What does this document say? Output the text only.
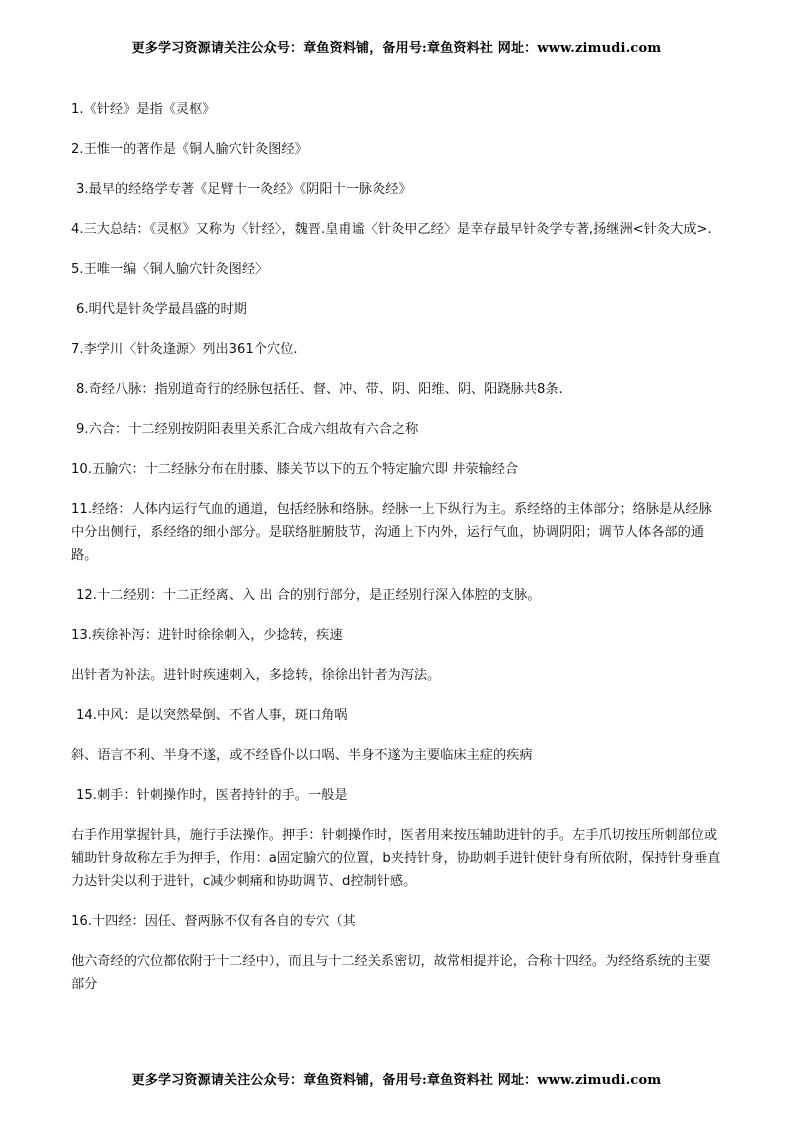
更多学习资源请关注公众号：章鱼资料铺，备用号:章鱼资料社 网址：www.zimudi.com

1.《针经》是指《灵枢》

2.王惟一的著作是《铜人腧穴针灸图经》

3.最早的经络学专著《足臂十一灸经》《阴阳十一脉灸经》

4.三大总结：《灵枢》又称为〈针经〉，魏晋.皇甫谧〈针灸甲乙经〉是幸存最早针灸学专著,扬继洲<针灸大成>.

5.王唯一编〈铜人腧穴针灸图经〉

6.明代是针灸学最昌盛的时期

7.李学川〈针灸逢源〉列出361个穴位.

8.奇经八脉：指别道奇行的经脉包括任、督、冲、带、阴、阳维、阴、阳跷脉共8条.

9.六合：十二经别按阴阳表里关系汇合成六组故有六合之称

10.五腧穴：十二经脉分布在肘膝、膝关节以下的五个特定腧穴即 井荥输经合

11.经络：人体内运行气血的通道，包括经脉和络脉。经脉一上下纵行为主。系经络的主体部分；络脉是从经脉中分出侧行，系经络的细小部分。是联络脏腑肢节，沟通上下内外，运行气血，协调阴阳；调节人体各部的通路。

12.十二经别：十二正经离、入 出 合的别行部分，是正经别行深入体腔的支脉。

13.疾徐补泻：进针时徐徐刺入，少捻转，疾速

出针者为补法。进针时疾速刺入，多捻转，徐徐出针者为泻法。

14.中风：是以突然晕倒、不省人事，斑口角㖞

斜、语言不利、半身不遂，或不经昏仆以口㖞、半身不遂为主要临床主症的疾病

15.刺手：针刺操作时，医者持针的手。一般是

右手作用掌握针具，施行手法操作。押手：针刺操作时，医者用来按压辅助进针的手。左手爪切按压所刺部位或辅助针身故称左手为押手，作用：a固定腧穴的位置，b夹持针身，协助刺手进针使针身有所依附，保持针身垂直力达针尖以利于进针，c减少刺痛和协助调节、d控制针感。

16.十四经：因任、督两脉不仅有各自的专穴（其

他六奇经的穴位都依附于十二经中），而且与十二经关系密切，故常相提并论，合称十四经。为经络系统的主要部分

更多学习资源请关注公众号：章鱼资料铺，备用号:章鱼资料社 网址：www.zimudi.com
